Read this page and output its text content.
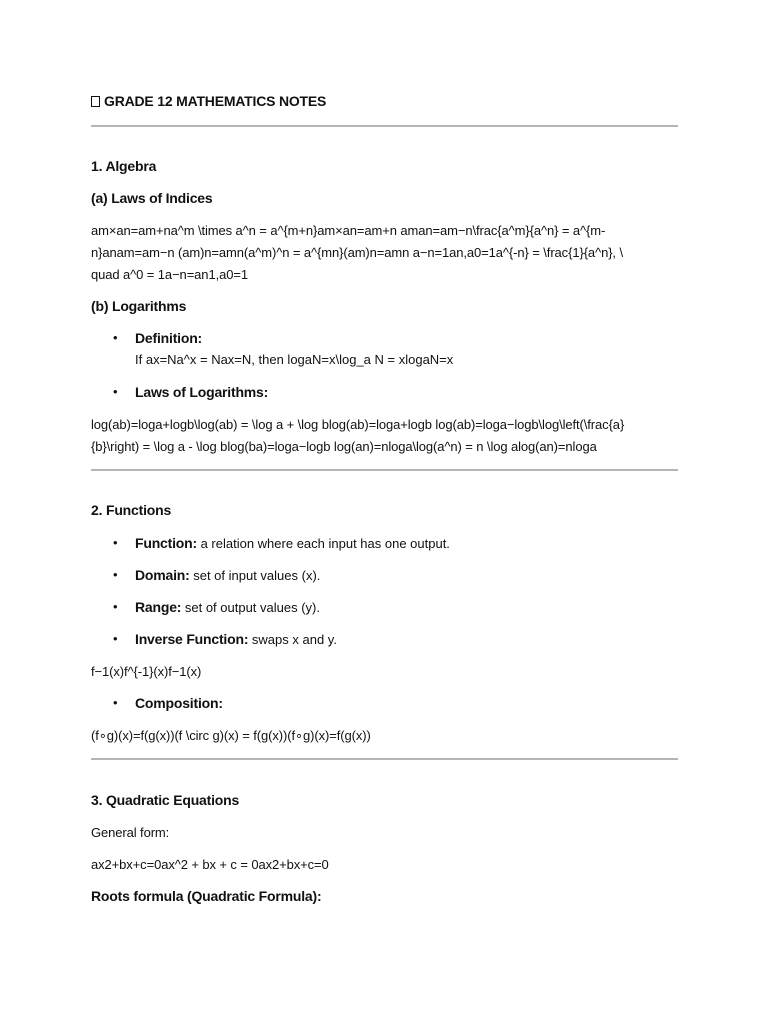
GRADE 12 MATHEMATICS NOTES
1. Algebra
(a) Laws of Indices
am×an=am+na^m \times a^n = a^{m+n}am×an=am+n aman=am−n\frac{a^m}{a^n} = a^{m-
n}anam=am−n (am)n=amn(a^m)^n = a^{mn}(am)n=amn a−n=1an,a0=1a^{-n} = \frac{1}{a^n}, \
quad a^0 = 1a−n=an1,a0=1
(b) Logarithms
• Definition:
If ax=Na^x = Nax=N, then logaN=x\log_a N = xlogaN=x
• Laws of Logarithms:
log(ab)=loga+logb\log(ab) = \log a + \log blog(ab)=loga+logb log(ab)=loga−logb\log\left(\frac{a}
{b}\right) = \log a - \log blog(ba)=loga−logb log(an)=nloga\log(a^n) = n \log alog(an)=nloga
2. Functions
• Function: a relation where each input has one output.
• Domain: set of input values (x).
• Range: set of output values (y).
• Inverse Function: swaps x and y.
f−1(x)f^{-1}(x)f−1(x)
• Composition:
(f∘g)(x)=f(g(x))(f \circ g)(x) = f(g(x))(f∘g)(x)=f(g(x))
3. Quadratic Equations
General form:
ax2+bx+c=0ax^2 + bx + c = 0ax2+bx+c=0
Roots formula (Quadratic Formula):
